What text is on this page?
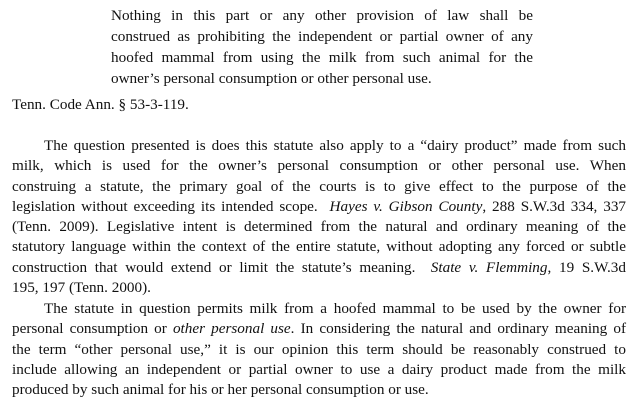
Nothing in this part or any other provision of law shall be
construed as prohibiting the independent or partial owner of any
hoofed mammal from using the milk from such animal for the
owner’s personal consumption or other personal use.
Tenn. Code Ann. § 53-3-119.
The question presented is does this statute also apply to a “dairy product” made from such
milk, which is used for the owner’s personal consumption or other personal use. When
construing a statute, the primary goal of the courts is to give effect to the purpose of the
legislation without exceeding its intended scope. Hayes v. Gibson County, 288 S.W.3d 334, 337
(Tenn. 2009). Legislative intent is determined from the natural and ordinary meaning of the
statutory language within the context of the entire statute, without adopting any forced or subtle
construction that would extend or limit the statute’s meaning. State v. Flemming, 19 S.W.3d
195, 197 (Tenn. 2000).
The statute in question permits milk from a hoofed mammal to be used by the owner for
personal consumption or other personal use. In considering the natural and ordinary meaning of
the term “other personal use,” it is our opinion this term should be reasonably construed to
include allowing an independent or partial owner to use a dairy product made from the milk
produced by such animal for his or her personal consumption or use.
